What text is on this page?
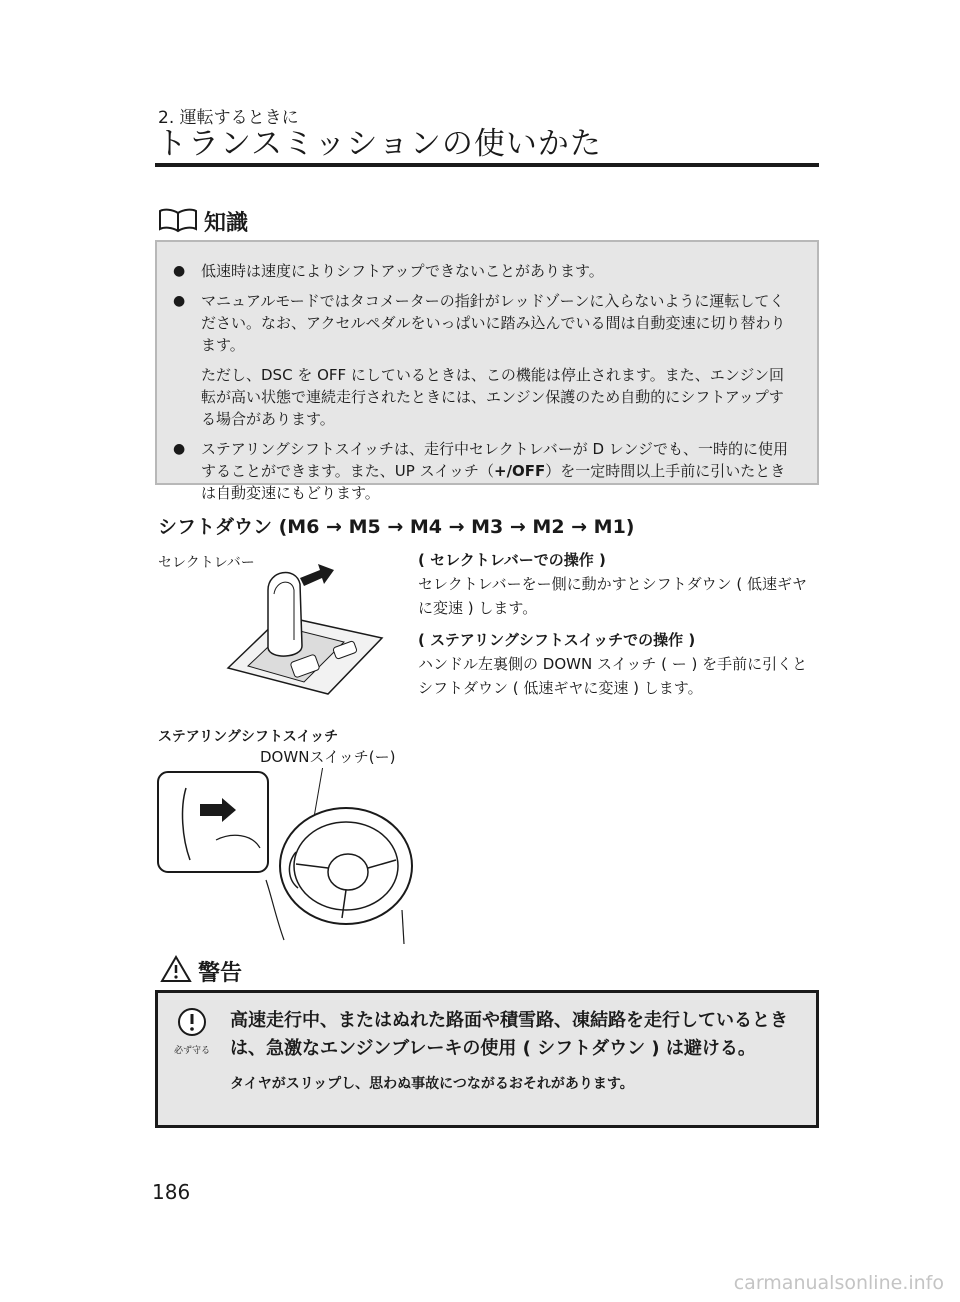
2. 運転するときに
トランスミッションの使いかた
知識
●	低速時は速度によりシフトアップできないことがあります。

●	マニュアルモードではタコメーターの指針がレッドゾーンに入らないように運転してください。なお、アクセルペダルをいっぱいに踏み込んでいる間は自動変速に切り替わります。

ただし、DSC を OFF にしているときは、この機能は停止されます。また、エンジン回転が高い状態で連続走行されたときには、エンジン保護のため自動的にシフトアップする場合があります。

●	ステアリングシフトスイッチは、走行中セレクトレバーが D レンジでも、一時的に使用することができます。また、UP スイッチ（+/OFF）を一定時間以上手前に引いたときは自動変速にもどります。

シフトダウン (M6 → M5 → M4 → M3 → M2 → M1)
セレクトレバー	( セレクトレバーでの操作 )

セレクトレバーをー側に動かすとシフトダウン ( 低速ギヤに変速 ) します。

( ステアリングシフトスイッチでの操作 )

ハンドル左裏側の DOWN スイッチ ( ー ) を手前に引くとシフトダウン ( 低速ギヤに変速 ) します。

ステアリングシフトスイッチ
DOWNスイッチ(ー)
警告
必ず守る

高速走行中、またはぬれた路面や積雪路、凍結路を走行しているときは、急激なエンジンブレーキの使用 ( シフトダウン ) は避ける。

タイヤがスリップし、思わぬ事故につながるおそれがあります。

186
carmanualsonline.info
